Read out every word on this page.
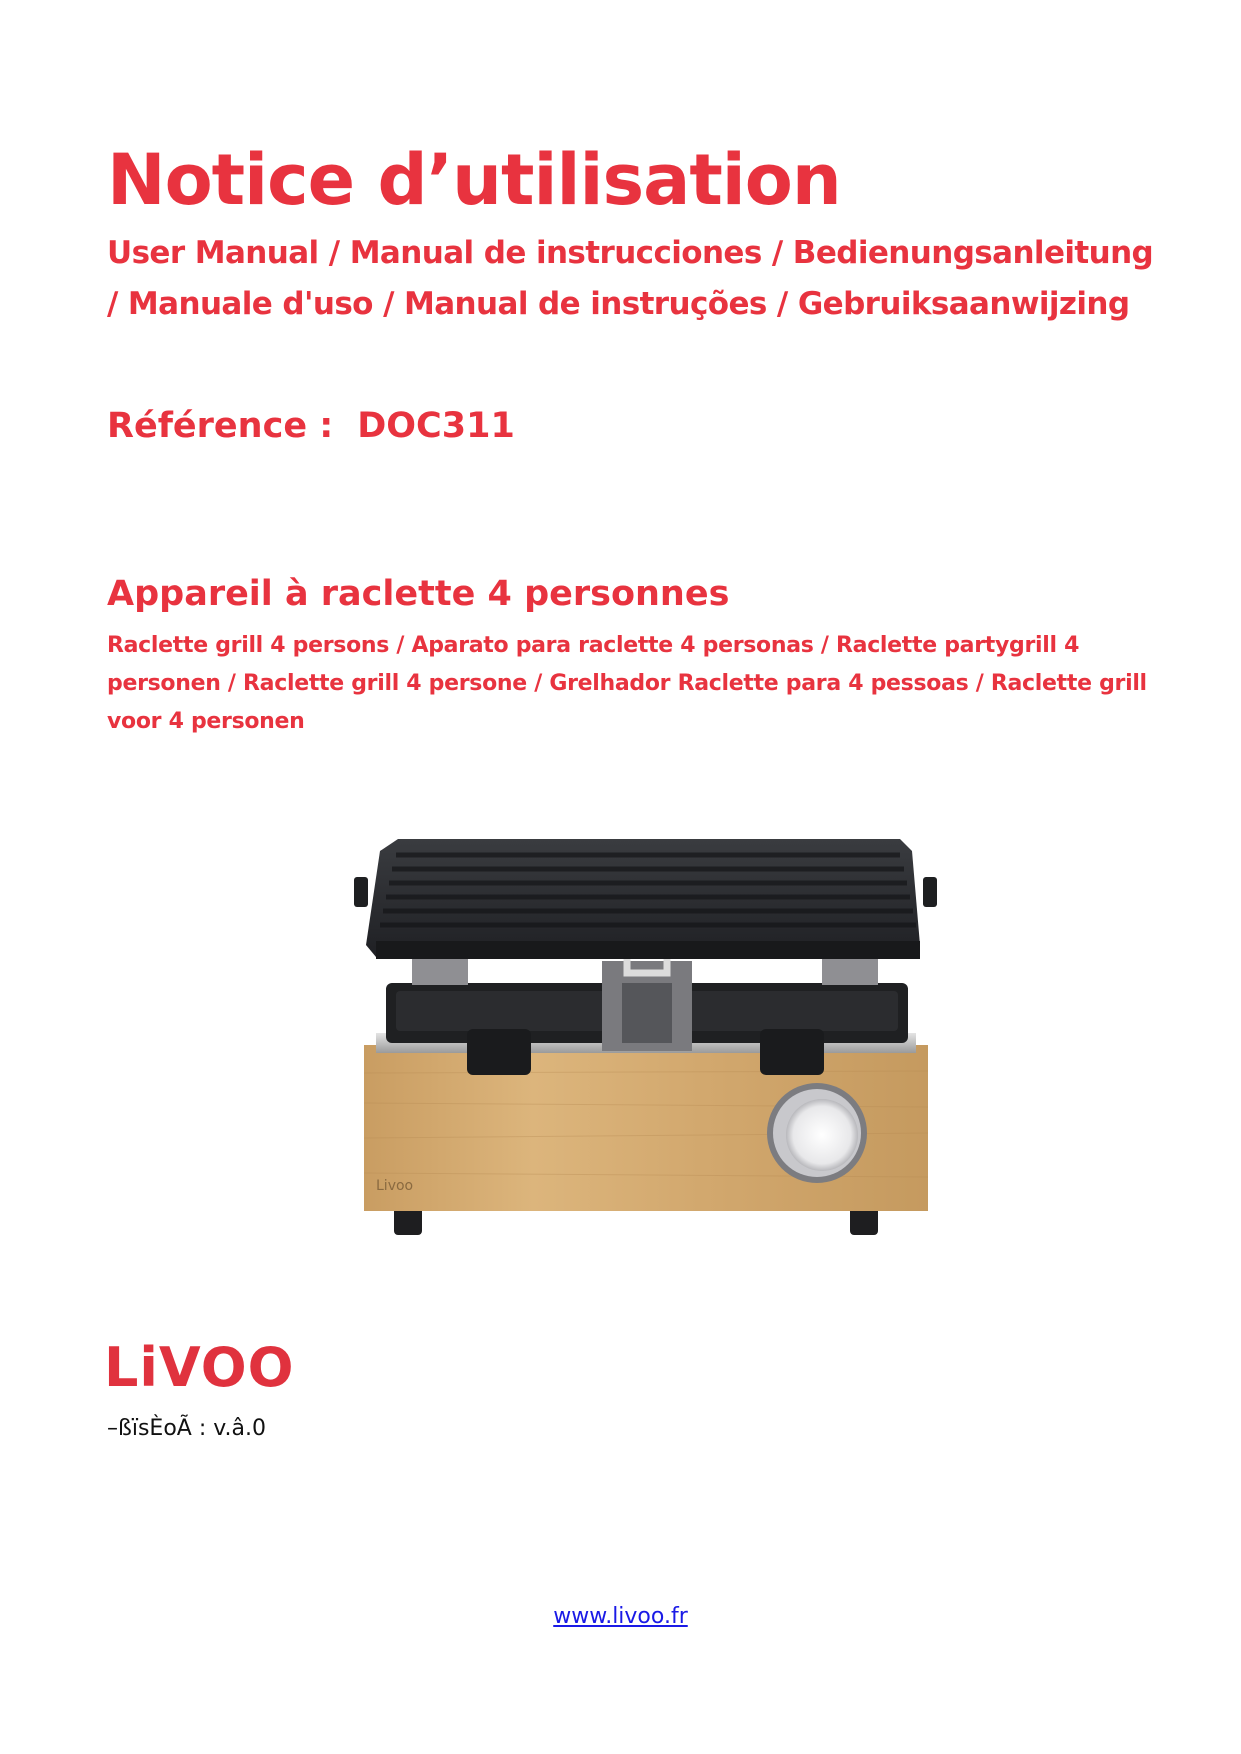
Notice d’utilisation

User Manual / Manual de instrucciones / Bedienungsanleitung / Manuale d'uso / Manual de instruções / Gebruiksaanwijzing

Référence : DOC311
Appareil à raclette 4 personnes

Raclette grill 4 persons / Aparato para raclette 4 personas / Raclette partygrill 4 personen / Raclette grill 4 persone / Grelhador Raclette para 4 pessoas / Raclette grill voor 4 personen

Livoo
LiVOO
–ßïsÈoÃ : v.â.0
www.livoo.fr
